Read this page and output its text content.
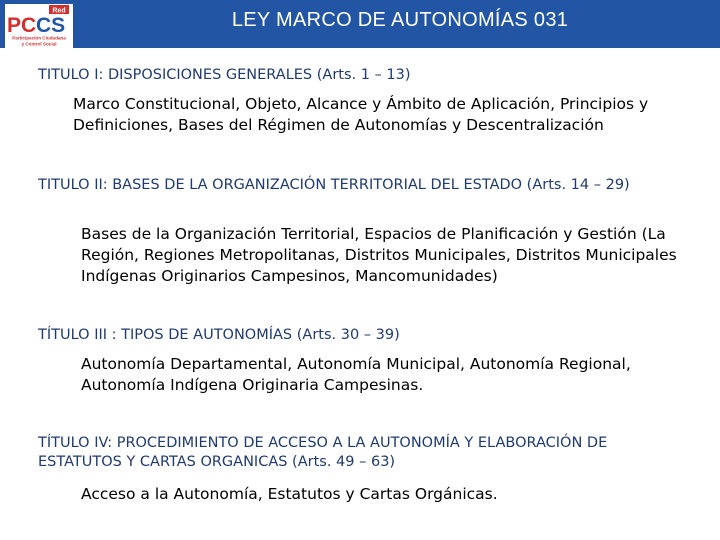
Red
PC CS
Participación Ciudadana
y Control Social
LEY MARCO DE AUTONOMÍAS 031
TITULO I: DISPOSICIONES GENERALES (Arts. 1 – 13)
Marco Constitucional, Objeto, Alcance y Ámbito de Aplicación, Principios y Definiciones, Bases del Régimen de Autonomías y Descentralización
TITULO II: BASES DE LA ORGANIZACIÓN TERRITORIAL DEL ESTADO (Arts. 14 – 29)
Bases de la Organización Territorial, Espacios de Planificación y Gestión (La Región, Regiones Metropolitanas, Distritos Municipales, Distritos Municipales Indígenas Originarios Campesinos, Mancomunidades)
TÍTULO III : TIPOS DE AUTONOMÍAS (Arts. 30 – 39)
Autonomía Departamental, Autonomía Municipal, Autonomía Regional, Autonomía Indígena Originaria Campesinas.
TÍTULO IV: PROCEDIMIENTO DE ACCESO A LA AUTONOMÍA Y ELABORACIÓN DE ESTATUTOS Y CARTAS ORGANICAS (Arts. 49 – 63)
Acceso a la Autonomía, Estatutos y Cartas Orgánicas.
